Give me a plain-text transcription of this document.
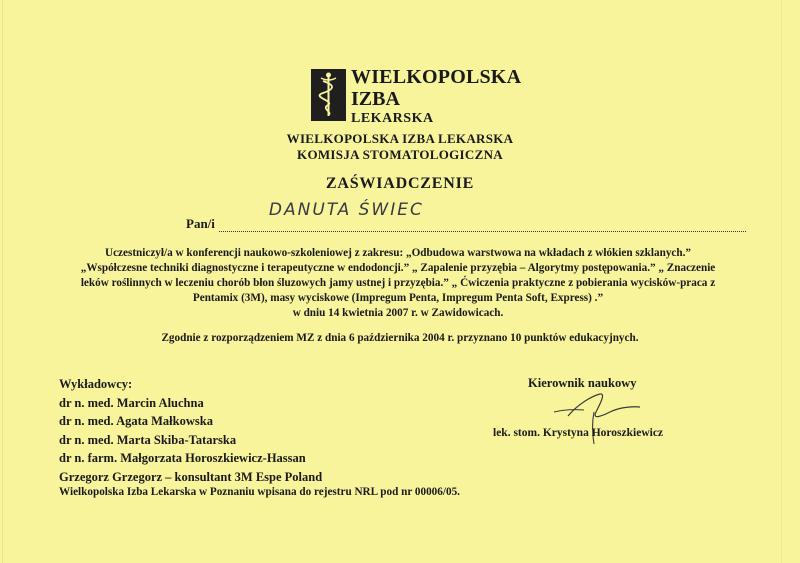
WIELKOPOLSKA
IZBA
LEKARSKA
WIELKOPOLSKA IZBA LEKARSKA
KOMISJA STOMATOLOGICZNA
ZAŚWIADCZENIE
Pan/i
DANUTA ŚWIEC
Uczestniczył/a w konferencji naukowo-szkoleniowej z zakresu: „Odbudowa warstwowa na wkładach z włókien szklanych.”
„Współczesne techniki diagnostyczne i terapeutyczne w endodoncji.” „ Zapalenie przyzębia – Algorytmy postępowania.” „ Znaczenie
leków roślinnych w leczeniu chorób błon śluzowych jamy ustnej i przyzębia.” „ Ćwiczenia praktyczne z pobierania wycisków-praca z
Pentamix (3M), masy wyciskowe (Impregum Penta, Impregum Penta Soft, Express) .”
w dniu 14 kwietnia 2007 r. w Zawidowicach.
Zgodnie z rozporządzeniem MZ z dnia 6 października 2004 r. przyznano 10 punktów edukacyjnych.
Wykładowcy:
dr n. med. Marcin Aluchna
dr n. med. Agata Małkowska
dr n. med. Marta Skiba-Tatarska
dr n. farm. Małgorzata Horoszkiewicz-Hassan
Grzegorz Grzegorz – konsultant 3M Espe Poland
Kierownik naukowy
lek. stom. Krystyna Horoszkiewicz
Wielkopolska Izba Lekarska w Poznaniu wpisana do rejestru NRL pod nr 00006/05.
